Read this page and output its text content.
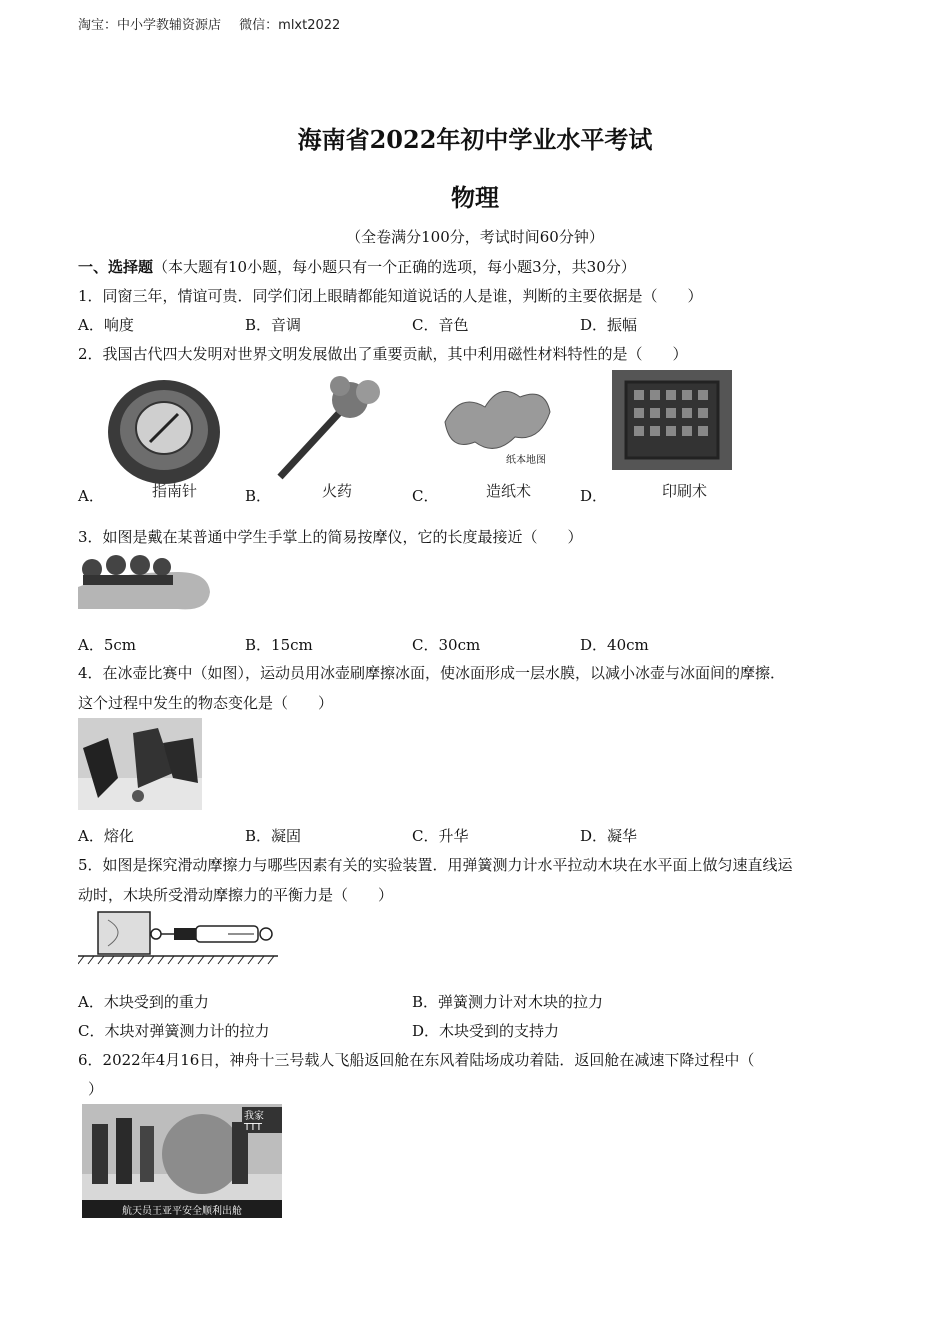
淘宝：中小学教辅资源店 微信：mlxt2022
海南省2022年初中学业水平考试
物理
（全卷满分100分，考试时间60分钟）
一、选择题（本大题有10小题，每小题只有一个正确的选项，每小题3分，共30分）
1．同窗三年，情谊可贵．同学们闭上眼睛都能知道说话的人是谁，判断的主要依据是（　　）
A．响度	B．音调	C．音色	D．振幅
2．我国古代四大发明对世界文明发展做出了重要贡献，其中利用磁性材料特性的是（　　）
A．	指南针	B．	火药	C．
纸本地图
造纸术	D．	印刷术
3．如图是戴在某普通中学生手掌上的简易按摩仪，它的长度最接近（　　）
A．5cm	B．15cm	C．30cm	D．40cm
4．在冰壶比赛中（如图），运动员用冰壶刷摩擦冰面，使冰面形成一层水膜，以减小冰壶与冰面间的摩擦．
这个过程中发生的物态变化是（　　）
A．熔化	B．凝固	C．升华	D．凝华
5．如图是探究滑动摩擦力与哪些因素有关的实验装置．用弹簧测力计水平拉动木块在水平面上做匀速直线运
动时，木块所受滑动摩擦力的平衡力是（　　）
A．木块受到的重力	B．弹簧测力计对木块的拉力
C．木块对弹簧测力计的拉力	D．木块受到的支持力
6．2022年4月16日，神舟十三号载人飞船返回舱在东风着陆场成功着陆．返回舱在减速下降过程中（
）
航天员王亚平安全顺利出舱
我家TTT
